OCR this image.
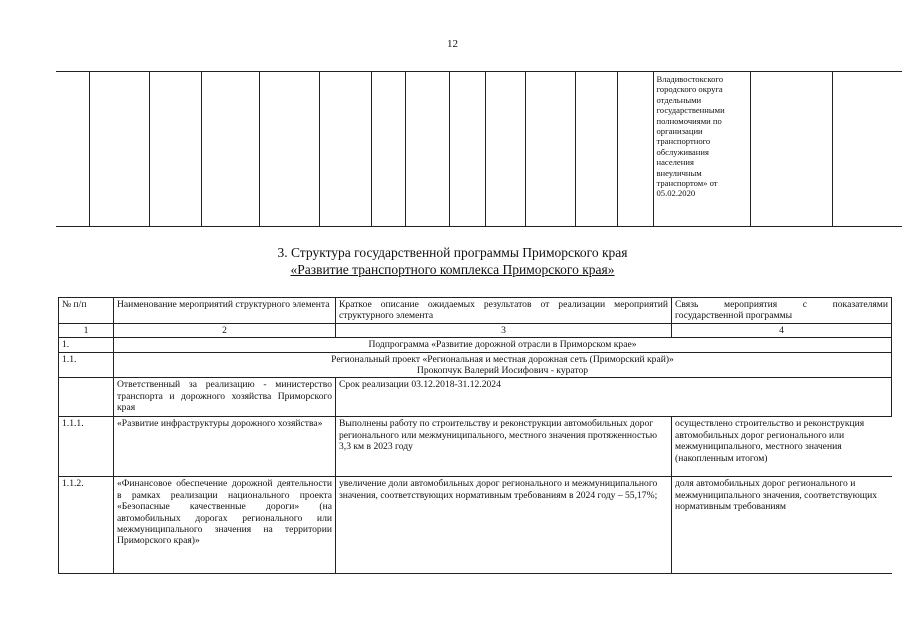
12

Владивостокского
городского округа
отдельными
государственными
полномочиями по
организации
транспортного
обслуживания
населения
внеуличным
транспортом» от
05.02.2020

3. Структура государственной программы Приморского края
«Развитие транспортного комплекса Приморского края»
№ п/п	Наименование мероприятий структурного элемента	Краткое описание ожидаемых результатов от реализации мероприятий структурного элемента	Связь мероприятия с показателями государственной программы
1	2	3	4
1.	Подпрограмма «Развитие дорожной отрасли в Приморском крае»		
1.1.	Региональный проект «Региональная и местная дорожная сеть (Приморский край)»
Прокопчук Валерий Иосифович - куратор		

	Ответственный за реализацию - министерство транспорта и дорожного хозяйства Приморского края	Срок реализации 03.12.2018-31.12.2024	
1.1.1.	«Развитие инфраструктуры дорожного хозяйства»	Выполнены работу по строительству и реконструкции автомобильных дорог регионального или межмуниципального, местного значения протяженностью 3,3 км в 2023 году	осуществлено строительство и реконструкция автомобильных дорог регионального или межмуниципального, местного значения (накопленным итогом)
1.1.2.	«Финансовое обеспечение дорожной деятельности в рамках реализации национального проекта «Безопасные качественные дороги» (на автомобильных дорогах регионального или межмуниципального значения на территории Приморского края)»	увеличение доли автомобильных дорог регионального и межмуниципального значения, соответствующих нормативным требованиям в 2024 году – 55,17%;	доля автомобильных дорог регионального и межмуниципального значения, соответствующих нормативным требованиям
